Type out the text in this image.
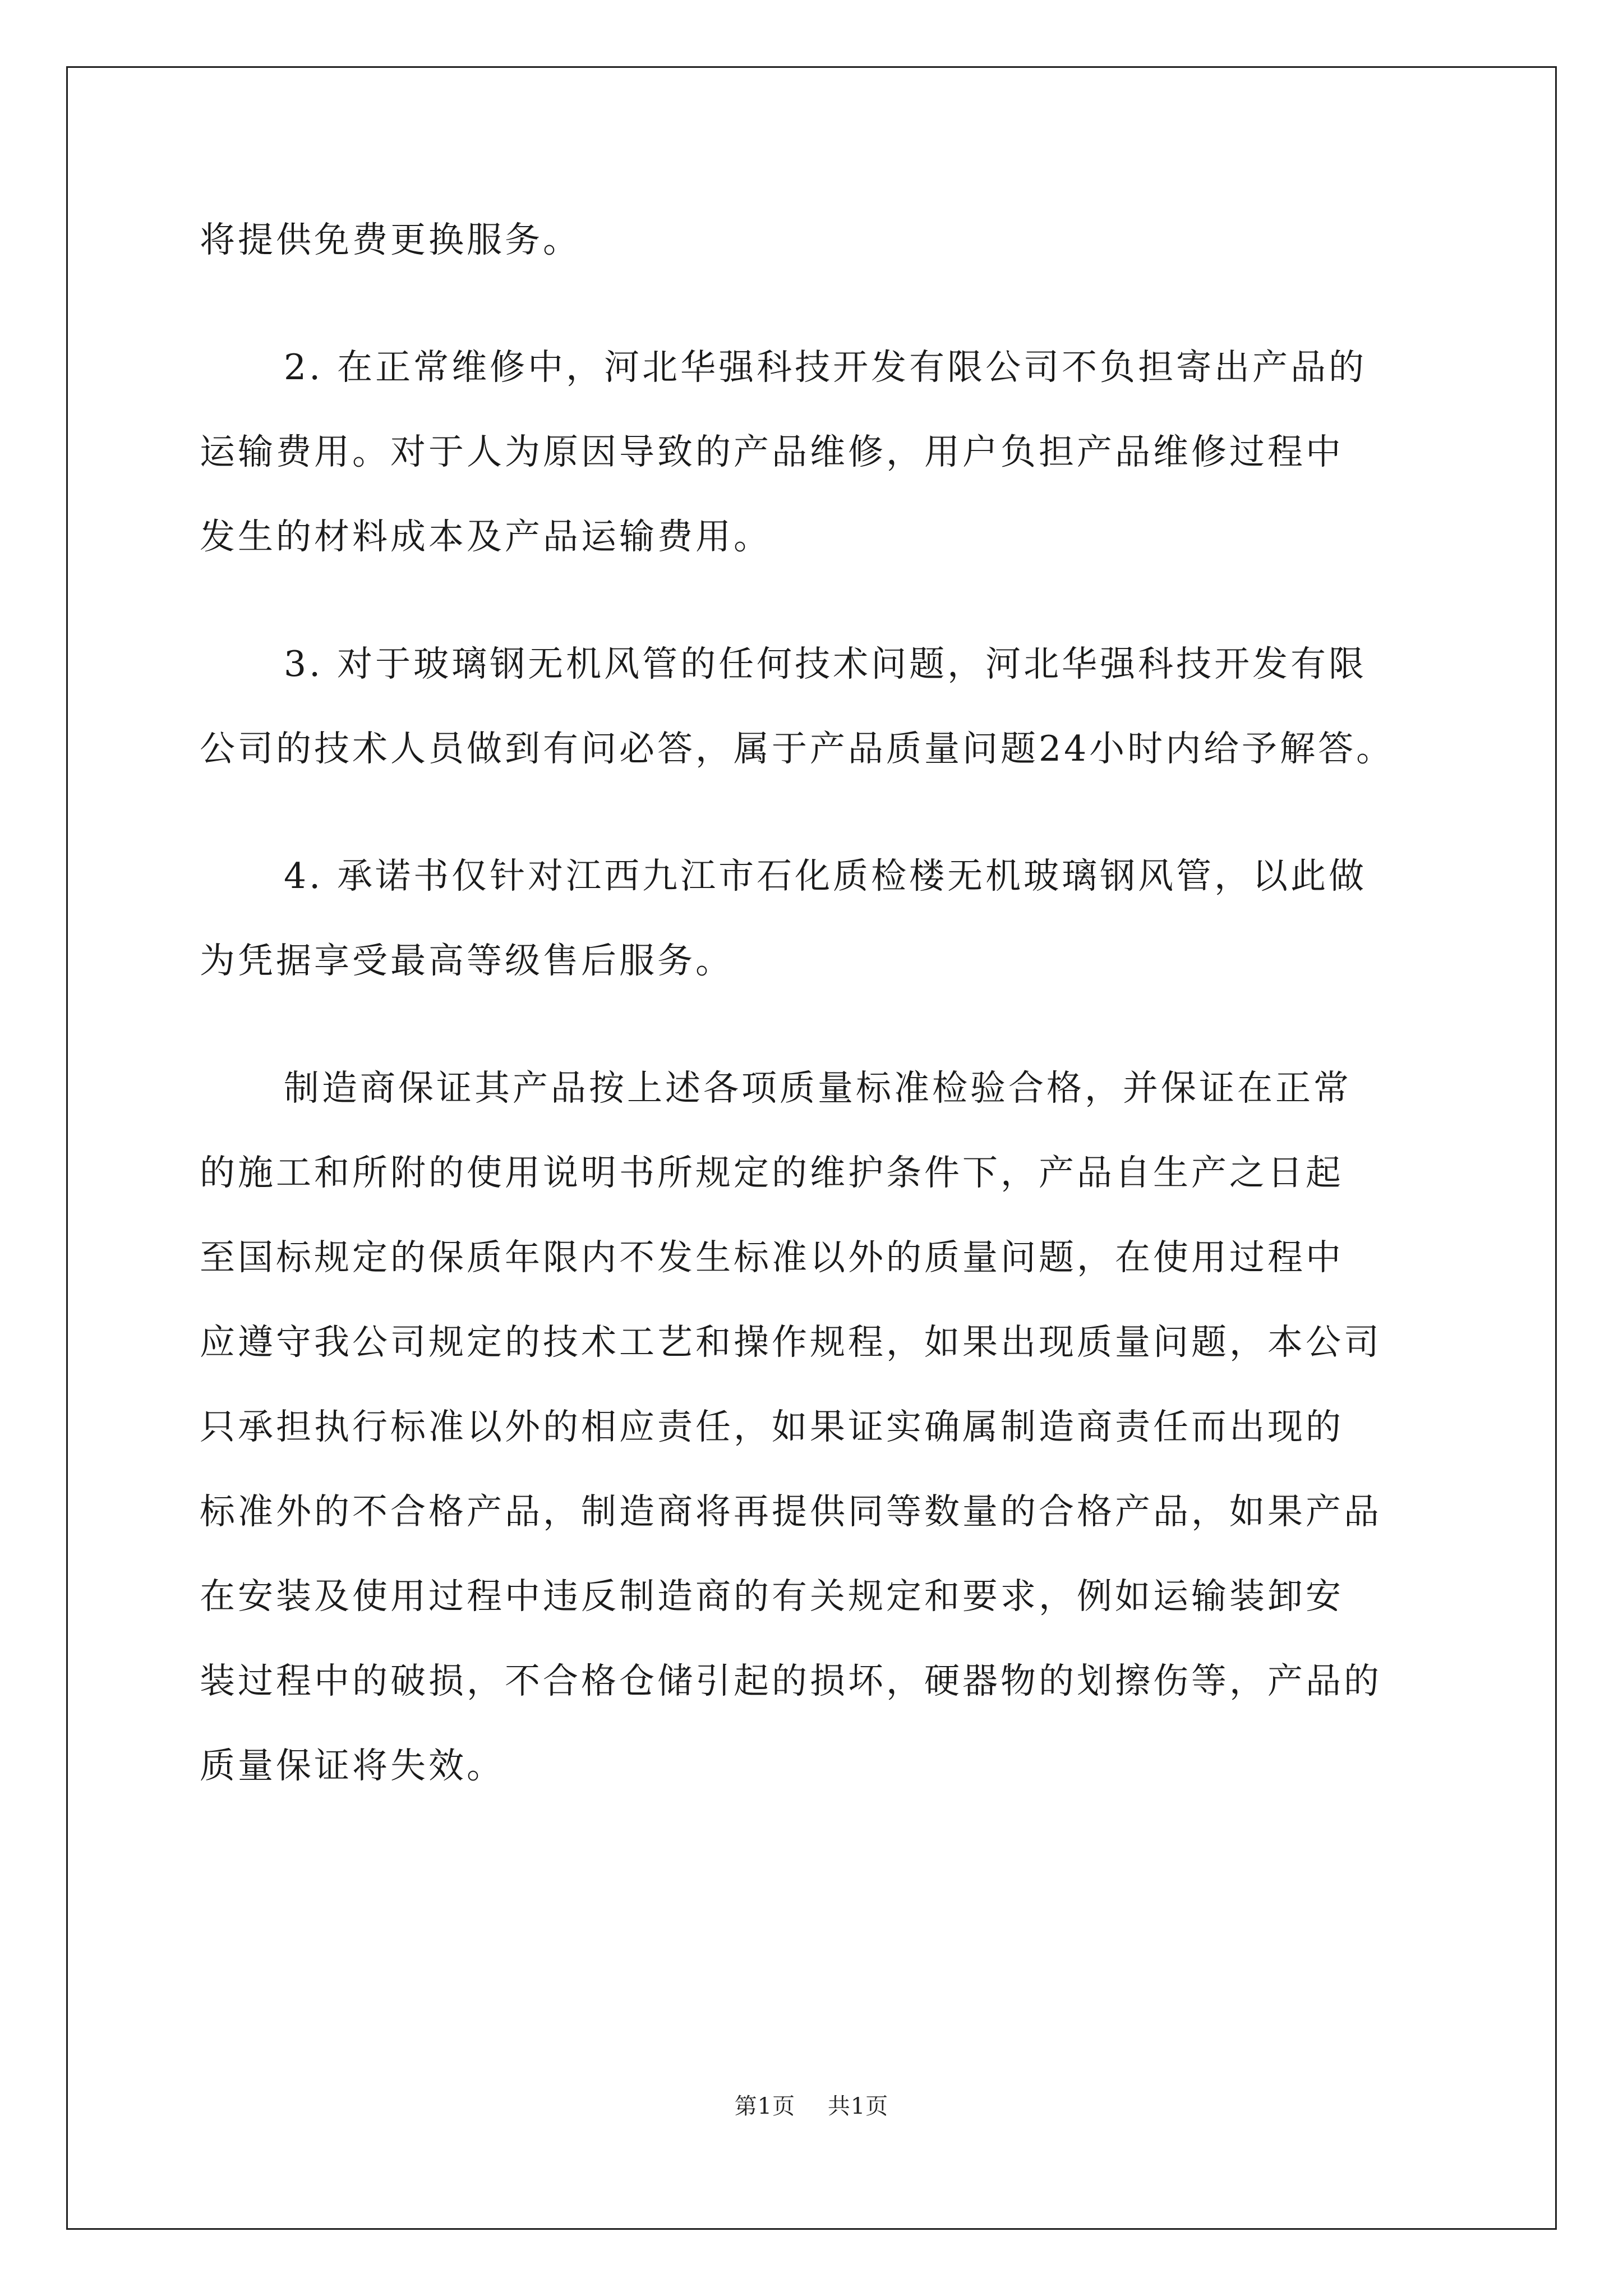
将提供免费更换服务。
2. 在正常维修中，河北华强科技开发有限公司不负担寄出产品的
运输费用。对于人为原因导致的产品维修，用户负担产品维修过程中
发生的材料成本及产品运输费用。
3. 对于玻璃钢无机风管的任何技术问题，河北华强科技开发有限
公司的技术人员做到有问必答，属于产品质量问题24小时内给予解答。
4. 承诺书仅针对江西九江市石化质检楼无机玻璃钢风管，以此做
为凭据享受最高等级售后服务。
制造商保证其产品按上述各项质量标准检验合格，并保证在正常
的施工和所附的使用说明书所规定的维护条件下，产品自生产之日起
至国标规定的保质年限内不发生标准以外的质量问题，在使用过程中
应遵守我公司规定的技术工艺和操作规程，如果出现质量问题，本公司
只承担执行标准以外的相应责任，如果证实确属制造商责任而出现的
标准外的不合格产品，制造商将再提供同等数量的合格产品，如果产品
在安装及使用过程中违反制造商的有关规定和要求，例如运输装卸安
装过程中的破损，不合格仓储引起的损坏，硬器物的划擦伤等，产品的
质量保证将失效。
第1页 共1页
